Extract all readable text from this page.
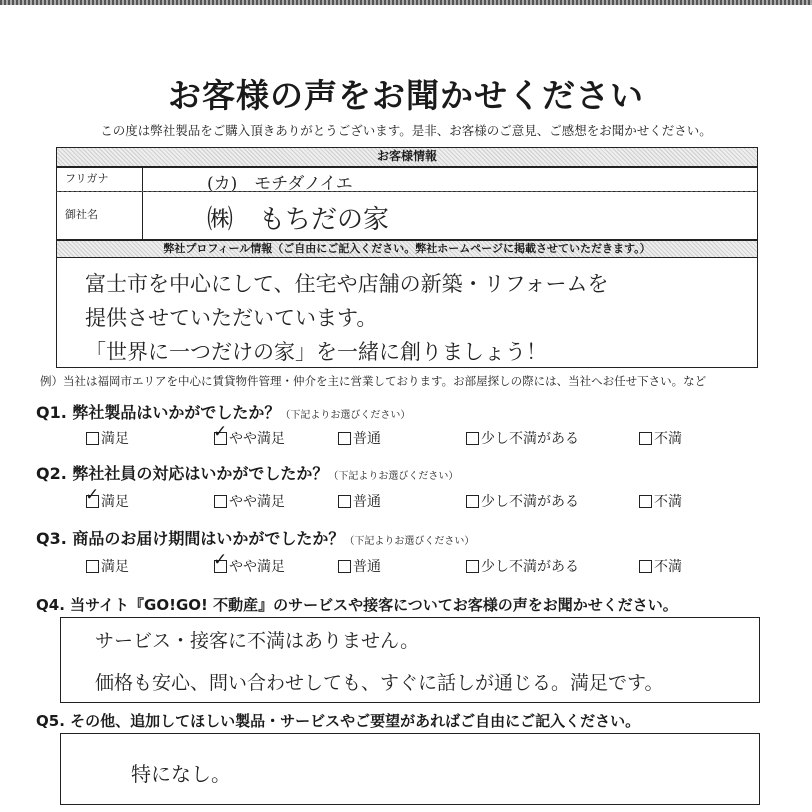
お客様の声をお聞かせください
この度は弊社製品をご購入頂きありがとうございます。是非、お客様のご意見、ご感想をお聞かせください。
お客様情報
フリガナ	(カ)　モチダノイエ
御社名	㈱　もちだの家
弊社プロフィール情報（ご自由にご記入ください。弊社ホームページに掲載させていただきます。）
富士市を中心にして、住宅や店舗の新築・リフォームを
提供させていただいています。
「世界に一つだけの家」を一緒に創りましょう！
例）当社は福岡市エリアを中心に賃貸物件管理・仲介を主に営業しております。お部屋探しの際には、当社へお任せ下さい。など
Q1. 弊社製品はいかがでしたか？（下記よりお選びください）
満足	✓ やや満足	普通	少し不満がある	不満
Q2. 弊社社員の対応はいかがでしたか？（下記よりお選びください）
✓ 満足	やや満足	普通	少し不満がある	不満
Q3. 商品のお届け期間はいかがでしたか？（下記よりお選びください）
満足	✓ やや満足	普通	少し不満がある	不満
Q4. 当サイト『GO!GO! 不動産』のサービスや接客についてお客様の声をお聞かせください。
サービス・接客に不満はありません。
価格も安心、問い合わせしても、すぐに話しが通じる。満足です。
Q5. その他、追加してほしい製品・サービスやご要望があればご自由にご記入ください。
特になし。
